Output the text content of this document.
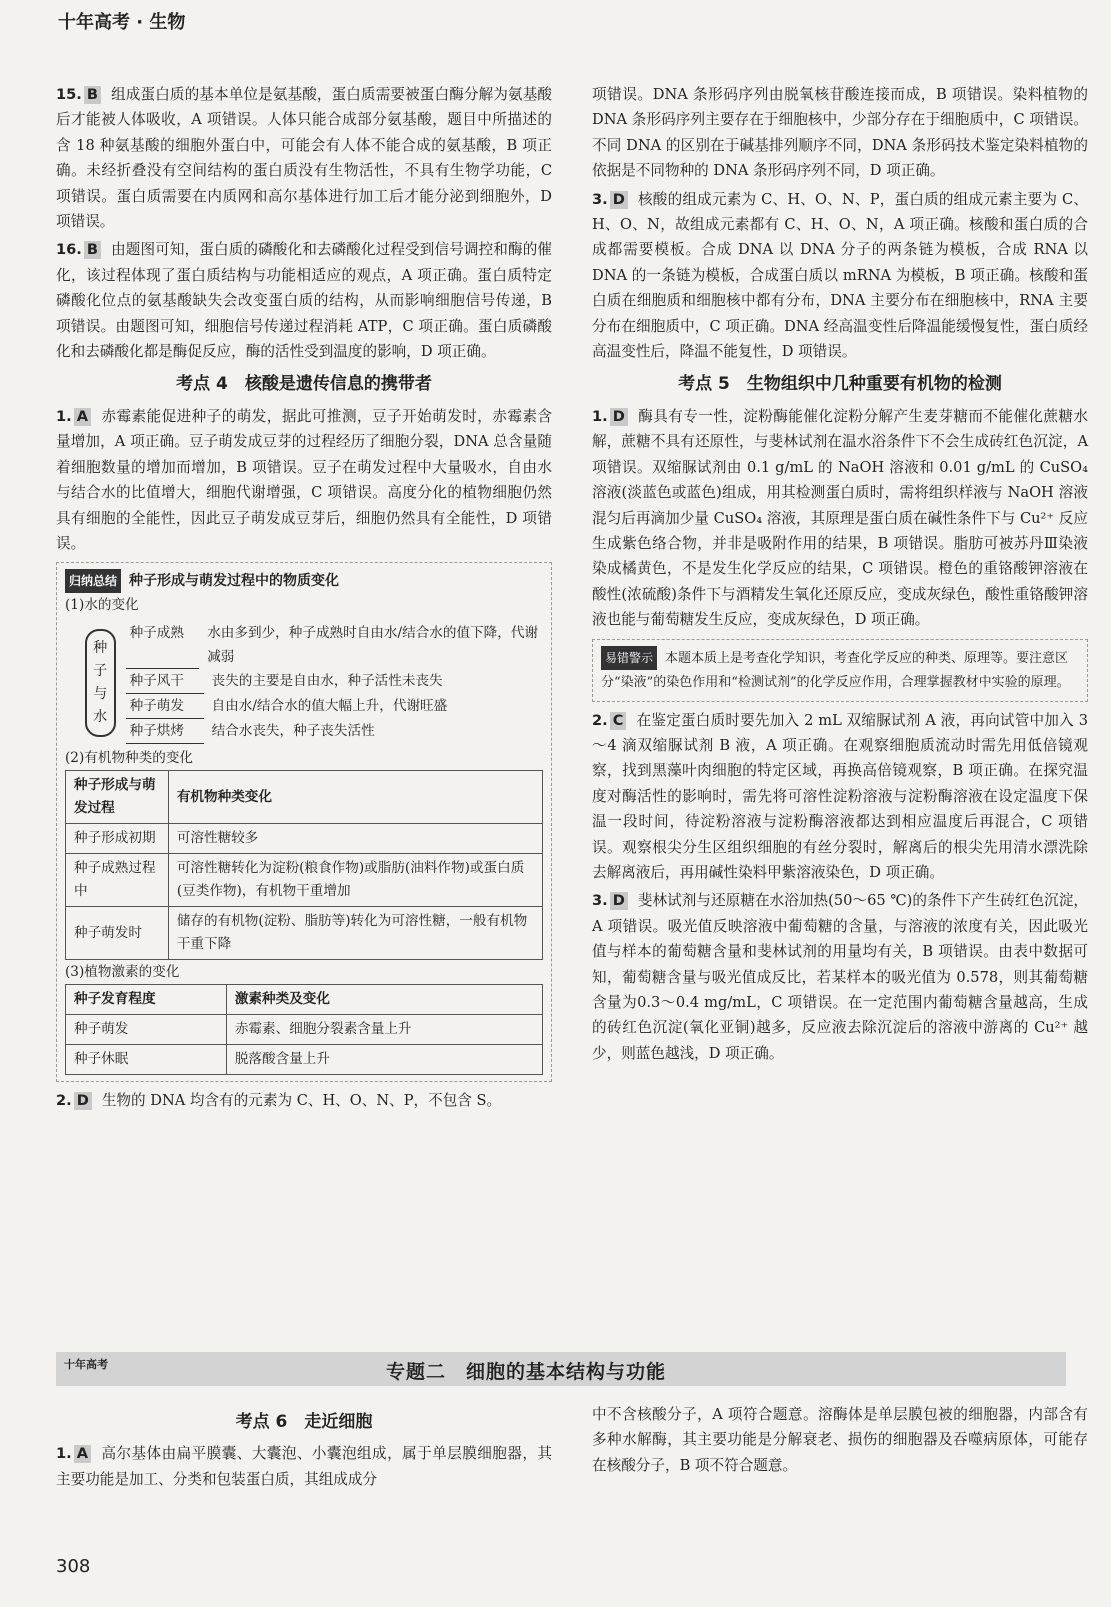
十年高考 · 生物

15. B 组成蛋白质的基本单位是氨基酸，蛋白质需要被蛋白酶分解为氨基酸后才能被人体吸收，A 项错误。人体只能合成部分氨基酸，题目中所描述的含 18 种氨基酸的细胞外蛋白中，可能会有人体不能合成的氨基酸，B 项正确。未经折叠没有空间结构的蛋白质没有生物活性，不具有生物学功能，C 项错误。蛋白质需要在内质网和高尔基体进行加工后才能分泌到细胞外，D 项错误。

16. B 由题图可知，蛋白质的磷酸化和去磷酸化过程受到信号调控和酶的催化，该过程体现了蛋白质结构与功能相适应的观点，A 项正确。蛋白质特定磷酸化位点的氨基酸缺失会改变蛋白质的结构，从而影响细胞信号传递，B 项错误。由题图可知，细胞信号传递过程消耗 ATP，C 项正确。蛋白质磷酸化和去磷酸化都是酶促反应，酶的活性受到温度的影响，D 项正确。

考点 4　核酸是遗传信息的携带者

1. A 赤霉素能促进种子的萌发，据此可推测，豆子开始萌发时，赤霉素含量增加，A 项正确。豆子萌发成豆芽的过程经历了细胞分裂，DNA 总含量随着细胞数量的增加而增加，B 项错误。豆子在萌发过程中大量吸水，自由水与结合水的比值增大，细胞代谢增强，C 项错误。高度分化的植物细胞仍然具有细胞的全能性，因此豆子萌发成豆芽后，细胞仍然具有全能性，D 项错误。

归纳总结 种子形成与萌发过程中的物质变化
(1)水的变化
种子与水
种子成熟	水由多到少，种子成熟时自由水/结合水的值下降，代谢减弱
种子风干	丧失的主要是自由水，种子活性未丧失
种子萌发	自由水/结合水的值大幅上升，代谢旺盛
种子烘烤	结合水丧失，种子丧失活性
(2)有机物种类的变化
种子形成与萌发过程	有机物种类变化
种子形成初期	可溶性糖较多
种子成熟过程中	可溶性糖转化为淀粉(粮食作物)或脂肪(油料作物)或蛋白质(豆类作物)，有机物干重增加
种子萌发时	储存的有机物(淀粉、脂肪等)转化为可溶性糖，一般有机物干重下降
(3)植物激素的变化
种子发育程度	激素种类及变化
种子萌发	赤霉素、细胞分裂素含量上升
种子休眠	脱落酸含量上升

2. D 生物的 DNA 均含有的元素为 C、H、O、N、P，不包含 S。

项错误。DNA 条形码序列由脱氧核苷酸连接而成，B 项错误。染料植物的 DNA 条形码序列主要存在于细胞核中，少部分存在于细胞质中，C 项错误。不同 DNA 的区别在于碱基排列顺序不同，DNA 条形码技术鉴定染料植物的依据是不同物种的 DNA 条形码序列不同，D 项正确。

3. D 核酸的组成元素为 C、H、O、N、P，蛋白质的组成元素主要为 C、H、O、N，故组成元素都有 C、H、O、N，A 项正确。核酸和蛋白质的合成都需要模板。合成 DNA 以 DNA 分子的两条链为模板，合成 RNA 以 DNA 的一条链为模板，合成蛋白质以 mRNA 为模板，B 项正确。核酸和蛋白质在细胞质和细胞核中都有分布，DNA 主要分布在细胞核中，RNA 主要分布在细胞质中，C 项正确。DNA 经高温变性后降温能缓慢复性，蛋白质经高温变性后，降温不能复性，D 项错误。

考点 5　生物组织中几种重要有机物的检测

1. D 酶具有专一性，淀粉酶能催化淀粉分解产生麦芽糖而不能催化蔗糖水解，蔗糖不具有还原性，与斐林试剂在温水浴条件下不会生成砖红色沉淀，A 项错误。双缩脲试剂由 0.1 g/mL 的 NaOH 溶液和 0.01 g/mL 的 CuSO₄ 溶液(淡蓝色或蓝色)组成，用其检测蛋白质时，需将组织样液与 NaOH 溶液混匀后再滴加少量 CuSO₄ 溶液，其原理是蛋白质在碱性条件下与 Cu²⁺ 反应生成紫色络合物，并非是吸附作用的结果，B 项错误。脂肪可被苏丹Ⅲ染液染成橘黄色，不是发生化学反应的结果，C 项错误。橙色的重铬酸钾溶液在酸性(浓硫酸)条件下与酒精发生氧化还原反应，变成灰绿色，酸性重铬酸钾溶液也能与葡萄糖发生反应，变成灰绿色，D 项正确。

易错警示 本题本质上是考查化学知识，考查化学反应的种类、原理等。要注意区分“染液”的染色作用和“检测试剂”的化学反应作用，合理掌握教材中实验的原理。

2. C 在鉴定蛋白质时要先加入 2 mL 双缩脲试剂 A 液，再向试管中加入 3～4 滴双缩脲试剂 B 液，A 项正确。在观察细胞质流动时需先用低倍镜观察，找到黑藻叶肉细胞的特定区域，再换高倍镜观察，B 项正确。在探究温度对酶活性的影响时，需先将可溶性淀粉溶液与淀粉酶溶液在设定温度下保温一段时间，待淀粉溶液与淀粉酶溶液都达到相应温度后再混合，C 项错误。观察根尖分生区组织细胞的有丝分裂时，解离后的根尖先用清水漂洗除去解离液后，再用碱性染料甲紫溶液染色，D 项正确。

3. D 斐林试剂与还原糖在水浴加热(50～65 ℃)的条件下产生砖红色沉淀，A 项错误。吸光值反映溶液中葡萄糖的含量，与溶液的浓度有关，因此吸光值与样本的葡萄糖含量和斐林试剂的用量均有关，B 项错误。由表中数据可知，葡萄糖含量与吸光值成反比，若某样本的吸光值为 0.578，则其葡萄糖含量为0.3～0.4 mg/mL，C 项错误。在一定范围内葡萄糖含量越高，生成的砖红色沉淀(氧化亚铜)越多，反应液去除沉淀后的溶液中游离的 Cu²⁺ 越少，则蓝色越浅，D 项正确。

十年高考	专题二　细胞的基本结构与功能
考点 6　走近细胞

1. A 高尔基体由扁平膜囊、大囊泡、小囊泡组成，属于单层膜细胞器，其主要功能是加工、分类和包装蛋白质，其组成成分

中不含核酸分子，A 项符合题意。溶酶体是单层膜包被的细胞器，内部含有多种水解酶，其主要功能是分解衰老、损伤的细胞器及吞噬病原体，可能存在核酸分子，B 项不符合题意。

308
